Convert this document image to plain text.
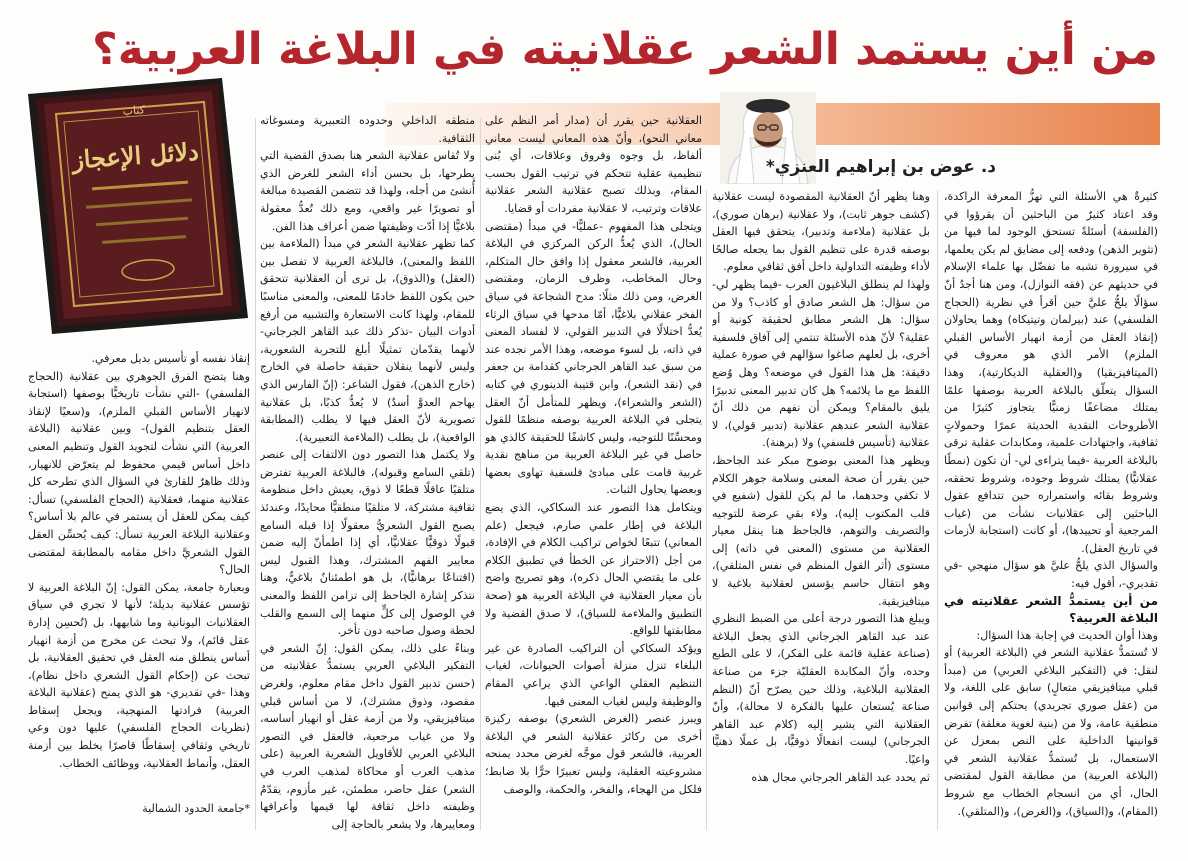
من أين يستمد الشعر عقلانيته في البلاغة العربية؟
د. عوض بن إبراهيم العنزي*
كتاب
دلائل الإعجاز

كثيرةٌ هي الأسئلة التي تهزُّ المعرفة الراكدة، وقد اعتاد كثيرٌ من الباحثين أن يقرؤوا في (الفلسفة) أسئلةً تستحق الوجود لما فيها من (تثوير الذهن) ودفعه إلى مضايق لم يكن يعلمها، في سيرورة تشبه ما تفضّل بها علماء الإسلام في حديثهم عن (فقه النوازل)، ومن هنا أجدُ أنّ سؤالًا يلحُّ عليَّ حين أقرأ في نظرية (الحجاج الفلسفي) عند (بيرلمان وتيتيكاه) وهما يحاولان (إنقاذ العقل من أزمة انهيار الأساس القبلي الملزم) الأمر الذي هو معروف في (الميتافيزيقيا) و(العقلية الديكارتية)، وهذا السؤال يتعلّق بالبلاغة العربية بوصفها علمًا يمتلك مضاعفًا زمنيًّا يتجاوز كثيرًا من الأطروحات النقدية الحديثة عمرًا وحمولاتٍ ثقافية، واجتهادات علمية، ومكابدات عقلية ترقى بالبلاغة العربية -فيما يتراءى لي- أن تكون (نمطًا عقلانيًّا) يمتلك شروط وجوده، وشروط تحققه، وشروط بقائه واستمراره حين تتدافع عقول الباحثين إلى عقلانيات نشأت من (غياب المرجعية أو تحييدها)، أو كانت (استجابة لأزمات في تاريخ العقل).

والسؤال الذي يلحُّ عليَّ هو سؤال منهجي -في تقديري-، أقول فيه:

من أين يستمدُّ الشعر عقلانيته في البلاغة العربية؟

وهذا أوان الحديث في إجابة هذا السؤال:

لا تُستمدُّ عقلانية الشعر في (البلاغة العربية) أو لنقل: في (التفكير البلاغي العربي) من (مبدأ قبلي ميتافيزيقي متعالٍ) سابق على اللغة، ولا من (عقل صوري تجريدي) يحتكم إلى قوانين منطقية عامة، ولا من (بنية لغوية مغلقة) تفرض قوانينها الداخلية على النص بمعزل عن الاستعمال، بل تُستمدُّ عقلانية الشعر في (البلاغة العربية) من مطابقة القول لمقتضى الحال، أي من انسجام الخطاب مع شروط (المقام)، و(السياق)، و(الغرض)، و(المتلقي).

وهنا يظهر أنّ العقلانية المقصودة ليست عقلانية (كشف جوهر ثابت)، ولا عقلانية (برهان صوري)، بل عقلانية (ملاءمة وتدبير)، يتحقق فيها العقل بوصفه قدرة على تنظيم القول بما يجعله صالحًا لأداء وظيفته التداولية داخل أفق ثقافي معلوم.

ولهذا لم ينطلق البلاغيون العرب -فيما يظهر لي- من سؤال: هل الشعر صادق أو كاذب؟ ولا من سؤال: هل الشعر مطابق لحقيقة كونية أو عقلية؟ لأنّ هذه الأسئلة تنتمي إلى آفاق فلسفية أخرى، بل لعلهم صاغوا سؤالهم في صورة عملية دقيقة: هل هذا القول في موضعه؟ وهل وُضع اللفظ مع ما يلائمه؟ هل كان تدبير المعنى تدبيرًا يليق بالمقام؟ ويمكن أن نفهم من ذلك أنّ عقلانية الشعر عندهم عقلانية (تدبير قولي)، لا عقلانية (تأسيس فلسفي) ولا (برهنة).

ويظهر هذا المعنى بوضوح مبكر عند الجاحظ، حين يقرر أن صحة المعنى وسلامة جوهر الكلام لا تكفي وحدهما، ما لم يكن للقول (شفيع في قلب المكتوب إليه)، ولاء بقي عرضة للتوجيه والتصريف والتوهم، فالجاحظ هنا ينقل معيار العقلانية من مستوى (المعنى في ذاته) إلى مستوى (أثر القول المنظم في نفس المتلقي)، وهو انتقال حاسم يؤسس لعقلانية بلاغية لا ميتافيزيقية.

ويبلغ هذا التصور درجة أعلى من الضبط النظري عند عبد القاهر الجرجاني الذي يجعل البلاغة (صناعة عقلية قائمة على الفكر)، لا على الطبع وحده، وأنّ المكابدة العقليّة جزء من صناعة العقلانية البلاغية، وذلك حين يصرّح أنّ (النظم صناعة يُستعان عليها بالفكرة لا محالة)، وأنّ العقلانية التي يشير إليه (كلام عبد القاهر الجرجاني) ليست انفعالًا ذوقيًّا، بل عملًا ذهنيًّا واعيًا.

ثم يحدد عبد القاهر الجرجاني مجال هذه

العقلانية حين يقرر أن (مدار أمر النظم على معاني النحو)، وأنّ هذه المعاني ليست معاني ألفاظ، بل وجوه وفروق وعلاقات، أي بُنى تنظيمية عقلية تتحكم في ترتيب القول بحسب المقام، وبذلك تصبح عقلانية الشعر عقلانية علاقات وترتيب، لا عقلانية مفردات أو قضايا.

ويتجلى هذا المفهوم -عمليًّا- في مبدأ (مقتضى الحال)، الذي يُعدُّ الركن المركزي في البلاغة العربية، فالشعر معقول إذا وافق حال المتكلم، وحال المخاطب، وظرف الزمان، ومقتضى الغرض، ومن ذلك مثلًا: مدح الشجاعة في سياق الفخر عقلاني بلاغيًّا، أمّا مدحها في سياق الرثاء يُعدُّ اختلالًا في التدبير القولي، لا لفساد المعنى في ذاته، بل لسوء موضعه، وهذا الأمر نجده عند من سبق عبد القاهر الجرجاني كقدامة بن جعفر في (نقد الشعر)، وابن قتيبة الدينوري في كتابه (الشعر والشعراء)، ويظهر للمتأمل أنّ العقل يتجلى في البلاغة العربية بوصفه منظمًا للقول ومحسِّنًا للتوجيه، وليس كاشفًا للحقيقة كالذي هو حاصل في غير البلاغة العربية من مناهج نقدية غربية قامت على مبادئ فلسفية تهاوى بعضها وبعضها يحاول الثبات.

ويتكامل هذا التصور عند السكاكي، الذي يضع البلاغة في إطار علمي صارم، فيجعل (علم المعاني) تتبعًا لخواص تراكيب الكلام في الإفادة، من أجل (الاحتراز عن الخطأ في تطبيق الكلام على ما يقتضي الحال ذكره)، وهو تصريح واضح بأن معيار العقلانية في البلاغة العربية هو (صحة التطبيق والملاءمة للسياق)، لا صدق القضية ولا مطابقتها للواقع.

ويؤكد السكاكي أن التراكيب الصادرة عن غير البلغاء تنزل منزلة أصوات الحيوانات، لغياب التنظيم العقلي الواعي الذي يراعي المقام والوظيفة وليس لغياب المعنى فيها.

ويبرز عنصر (الغرض الشعري) بوصفه ركيزة أخرى من ركائز عقلانية الشعر في البلاغة العربية، فالشعر قول موجَّه لغرض محدد يمنحه مشروعيته العقلية، وليس تعبيرًا حرًّا بلا ضابط؛ فلكل من الهجاء، والفخر، والحكمة، والوصف

منطقه الداخلي وحدوده التعبيرية ومسوغاته الثقافية.

ولا تُقاس عقلانية الشعر هنا بصدق القضية التي يطرحها، بل بحسن أداء الشعر للغرض الذي أُنشئ من أجله، ولهذا قد تتضمن القصيدة مبالغة أو تصويرًا غير واقعي، ومع ذلك تُعدُّ معقولة بلاغيًّا إذا أدّت وظيفتها ضمن أعراف هذا الفن.

كما تظهر عقلانية الشعر في مبدأ (الملاءمة بين اللفظ والمعنى)، فالبلاغة العربية لا تفصل بين (العقل) و(الذوق)، بل ترى أن العقلانية تتحقق حين يكون اللفظ خادمًا للمعنى، والمعنى مناسبًا للمقام، ولهذا كانت الاستعارة والتشبيه من أرفع أدوات البيان -تذكر ذلك عبد القاهر الجرجاني- لأنهما يقدّمان تمثيلًا أبلغ للتجربة الشعورية، وليس لأنهما ينقلان حقيقة حاصلة في الخارج (خارج الذهن)، فقول الشاعر: (إنّ الفارس الذي يهاجم العدوَّ أسدٌ) لا يُعدُّ كذبًا، بل عقلانية تصويرية لأنّ العقل فيها لا يطلب (المطابقة الواقعية)، بل يطلب (الملاءمة التعبيرية).

ولا يكتمل هذا التصور دون الالتفات إلى عنصر (تلقي السامع وقبوله)، فالبلاغة العربية تفترض متلقيًا عاقلًا قطعًا لا ذوق، يعيش داخل منظومة ثقافية مشتركة، لا متلقيًا منطقيًّا محايدًا، وعندئذ يصبح القول الشعريُّ معقولًا إذا قبله السامع قبولًا ذوقيًّا عقلانيًّا، أي إذا اطمأنّ إليه ضمن معايير الفهم المشترك، وهذا القبول ليس (اقتناعًا برهانيًّا)، بل هو اطمئنانٌ بلاغيٌّ، وهنا نتذكر إشارة الجاحظ إلى تزامن اللفظ والمعنى في الوصول إلى كلٍّ منهما إلى السمع والقلب لحظة وصول صاحبه دون تأخر.

وبناءً على ذلك، يمكن القول: إنّ الشعر في التفكير البلاغي العربي يستمدُّ عقلانيته من (حسن تدبير القول داخل مقام معلوم، ولغرض مقصود، وذوق مشترك)، لا من أساس قبلي ميتافيزيقي، ولا من أزمة عقل أو انهيار أساسه، ولا من غياب مرجعية، فالعقل في التصور البلاغي العربي للأقاويل الشعرية العربية (على مذهب العرب أو محاكاة لمذهب العرب في الشعر) عقل حاضر، مطمئن، غير مأزوم، يقدّمُ وظيفته داخل ثقافة لها قيمها وأعرافها ومعاييرها، ولا يشعر بالحاجة إلى

إنقاذ نفسه أو تأسيس بديل معرفي.

وهنا يتضح الفرق الجوهري بين عقلانية (الحجاج الفلسفي) -التي نشأت تاريخيًّا بوصفها (استجابة لانهيار الأساس القبلي الملزم)، و(سعيًا لإنقاذ العقل بتنظيم القول)- وبين عقلانية (البلاغة العربية) التي نشأت لتجويد القول وتنظيم المعنى داخل أساس قيمي محفوظ لم يتعرّض للانهيار، وذلك ظاهرٌ للقارئ في السؤال الذي تطرحه كل عقلانية منهما، فعقلانية (الحجاج الفلسفي) تسأل: كيف يمكن للعقل أن يستمر في عالم بلا أساس؟ وعقلانية البلاغة العربية تسأل: كيف يُحسِّن العقل القول الشعريَّ داخل مقامه بالمطابقة لمقتضى الحال؟

وبعبارة جامعة، يمكن القول: إنّ البلاغة العربية لا تؤسس عقلانية بديلة؛ لأنها لا تجري في سياق العقلانيات اليونانية وما شابهها، بل (تُحسِن إدارة عقل قائم)، ولا تبحث عن مخرج من أزمة انهيار أساس ينطلق منه العقل في تحقيق العقلانية، بل تبحث عن (إحكام القول الشعري داخل نظام)، وهذا -في تقديري- هو الذي يمنح (عقلانية البلاغة العربية) فرادتها المنهجية، ويجعل إسقاط (نظريات الحجاج الفلسفي) عليها دون وعي تاريخي وثقافي إسقاطًا قاصرًا يخلط بين أزمنة العقل، وأنماط العقلانية، ووظائف الخطاب.

*جامعة الحدود الشمالية
